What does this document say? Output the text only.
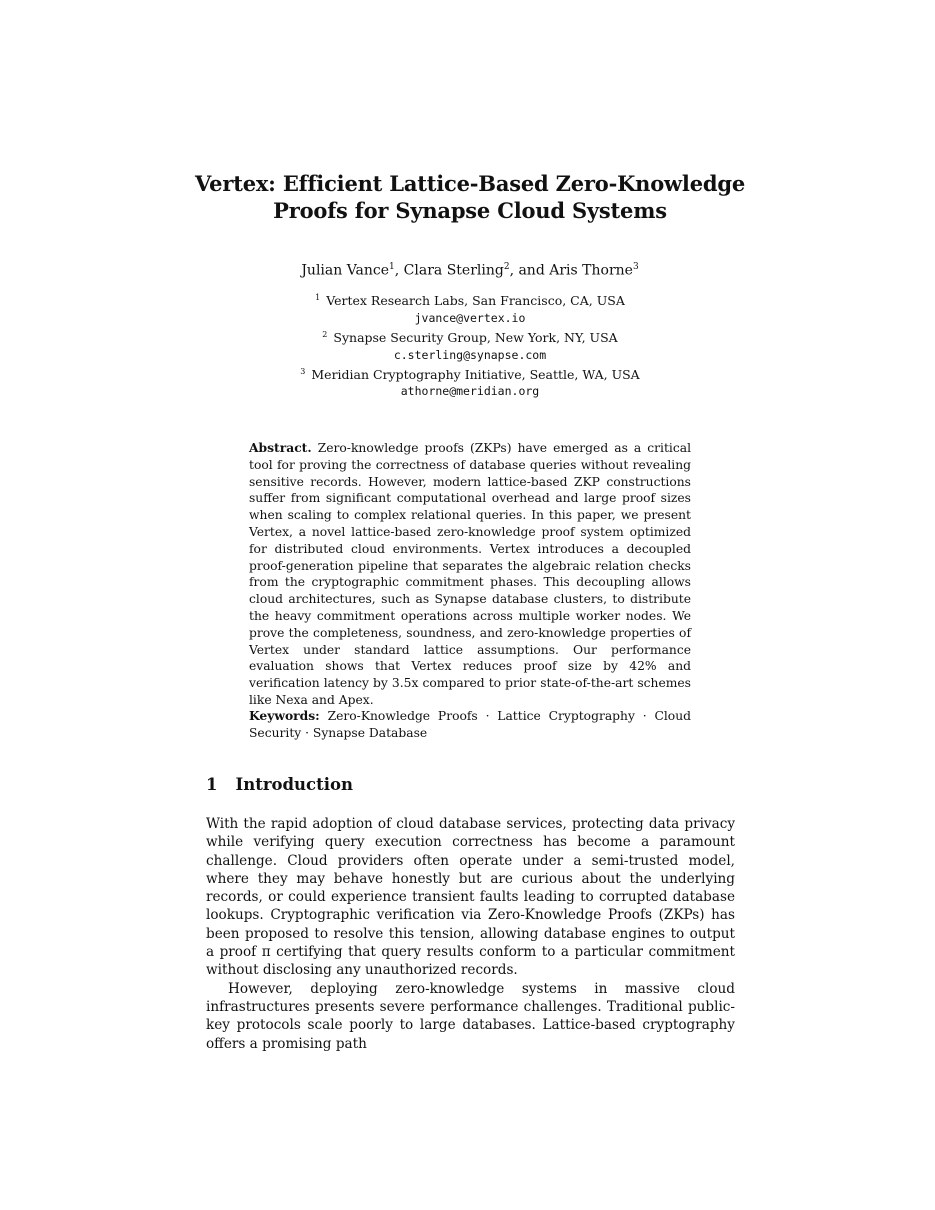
Vertex: Efficient Lattice-Based Zero-Knowledge
Proofs for Synapse Cloud Systems
Julian Vance$^1$, Clara Sterling$^2$, and Aris Thorne$^3$
$^1$ Vertex Research Labs, San Francisco, CA, USA
jvance@vertex.io
$^2$ Synapse Security Group, New York, NY, USA
c.sterling@synapse.com
$^3$ Meridian Cryptography Initiative, Seattle, WA, USA
athorne@meridian.org

Abstract. Zero-knowledge proofs (ZKPs) have emerged as a critical tool for proving the correctness of database queries without revealing sensitive records. However, modern lattice-based ZKP constructions suffer from significant computational overhead and large proof sizes when scaling to complex relational queries. In this paper, we present Vertex, a novel lattice-based zero-knowledge proof system optimized for distributed cloud environments. Vertex introduces a decoupled proof-generation pipeline that separates the algebraic relation checks from the cryptographic commitment phases. This decoupling allows cloud architectures, such as Synapse database clusters, to distribute the heavy commitment operations across multiple worker nodes. We prove the completeness, soundness, and zero-knowledge properties of Vertex under standard lattice assumptions. Our performance evaluation shows that Vertex reduces proof size by 42% and verification latency by 3.5x compared to prior state-of-the-art schemes like Nexa and Apex.

Keywords: Zero-Knowledge Proofs · Lattice Cryptography · Cloud Security · Synapse Database

1 Introduction

With the rapid adoption of cloud database services, protecting data privacy while verifying query execution correctness has become a paramount challenge. Cloud providers often operate under a semi-trusted model, where they may behave honestly but are curious about the underlying records, or could experience transient faults leading to corrupted database lookups. Cryptographic verification via Zero-Knowledge Proofs (ZKPs) has been proposed to resolve this tension, allowing database engines to output a proof π certifying that query results conform to a particular commitment without disclosing any unauthorized records.

However, deploying zero-knowledge systems in massive cloud infrastructures presents severe performance challenges. Traditional public-key protocols scale poorly to large databases. Lattice-based cryptography offers a promising path
